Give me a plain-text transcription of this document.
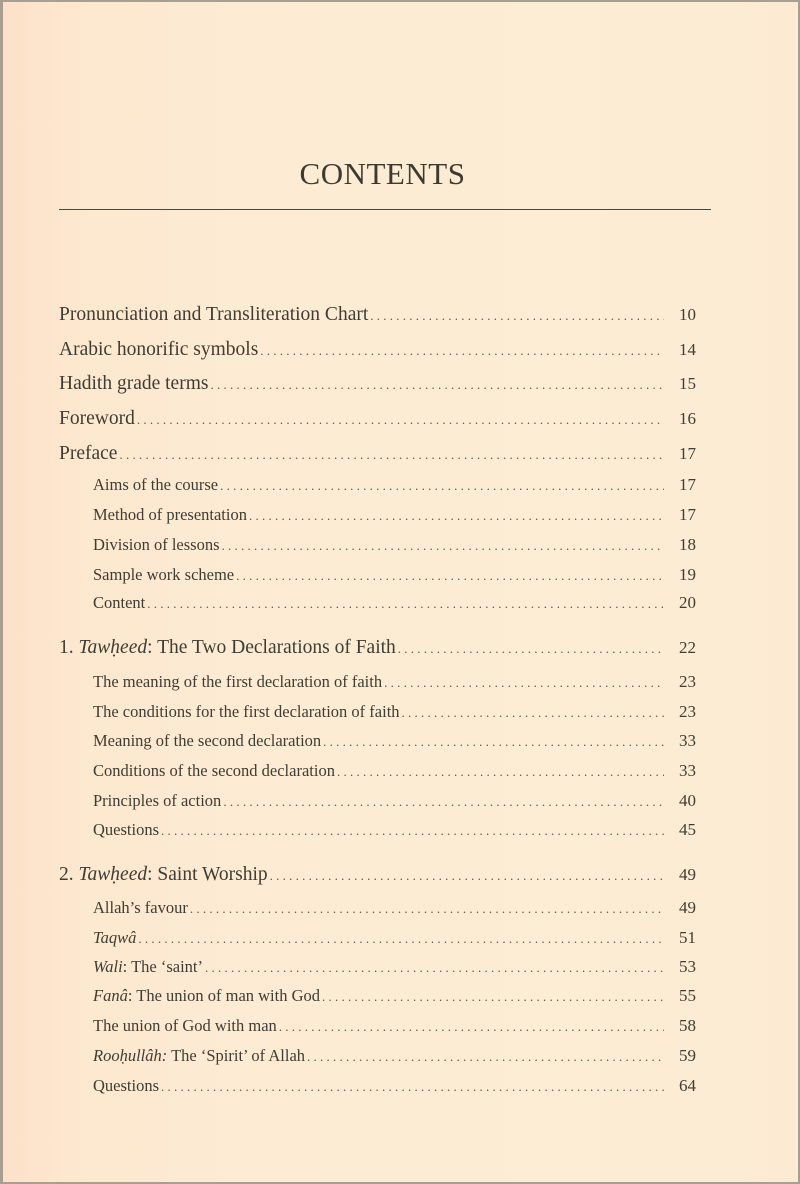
CONTENTS
Pronunciation and Transliteration Chart . . .	10
Arabic honorific symbols . . .	14
Hadith grade terms . . .	15
Foreword . . .	16
Preface . . .	17
Aims of the course . . .	17
Method of presentation . . .	17
Division of lessons . . .	18
Sample work scheme . . .	19
Content . . .	20
1. Tawḥeed: The Two Declarations of Faith . . .	22
The meaning of the first declaration of faith . . .	23
The conditions for the first declaration of faith . . .	23
Meaning of the second declaration . . .	33
Conditions of the second declaration . . .	33
Principles of action . . .	40
Questions . . .	45
2. Tawḥeed: Saint Worship . . .	49
Allah’s favour . . .	49
Taqwâ . . .	51
Wali: The ‘saint’ . . .	53
Fanâ: The union of man with God . . .	55
The union of God with man . . .	58
Rooḥullâh: The ‘Spirit’ of Allah . . .	59
Questions . . .	64
